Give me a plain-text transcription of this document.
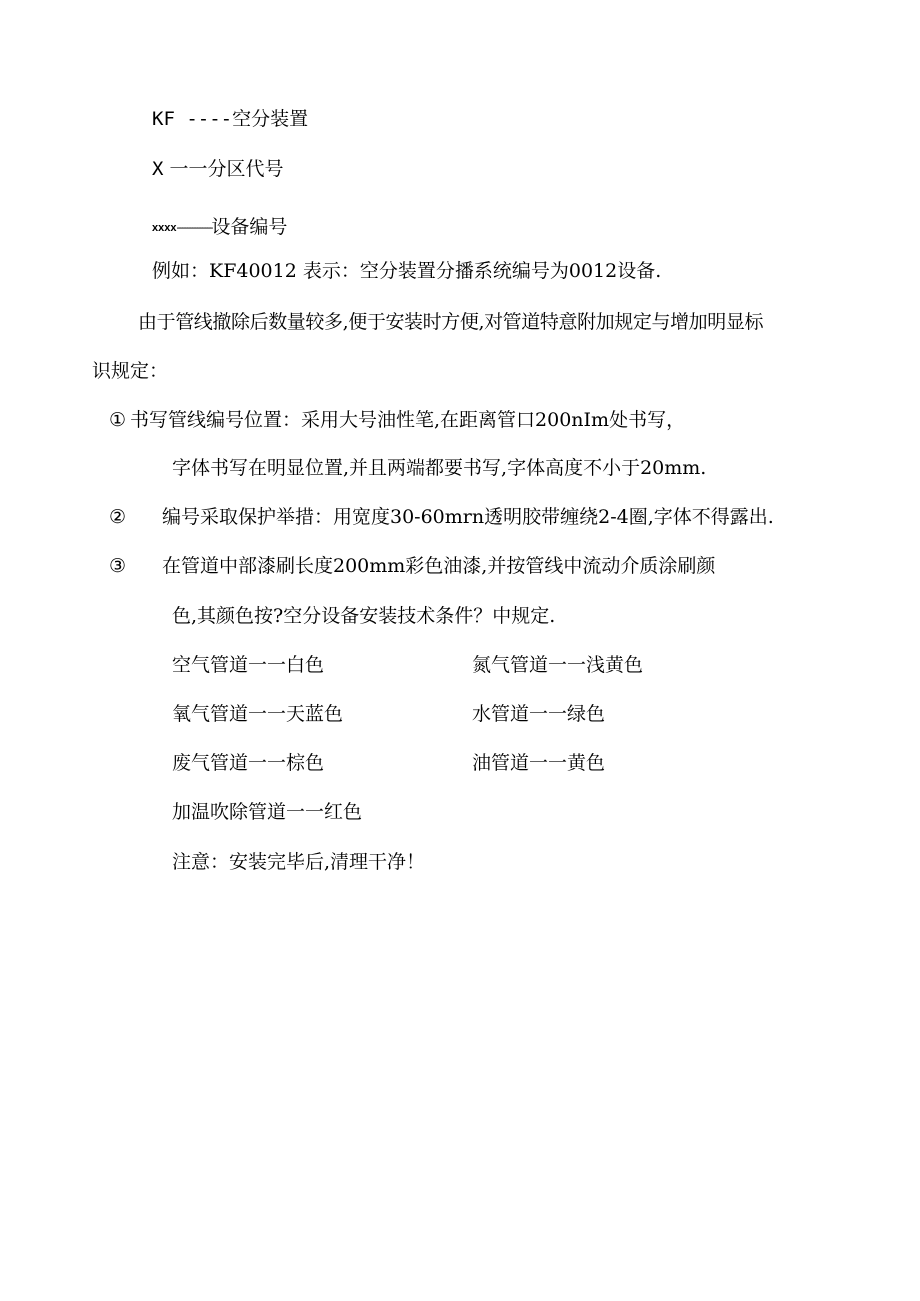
KF ----空分装置
X 一一分区代号
xxxx---------------------设备编号
例如：KF40012 表示：空分装置分播系统编号为0012设备.
由于管线撤除后数量较多,便于安装时方便,对管道特意附加规定与增加明显标
识规定：
① 书写管线编号位置：采用大号油性笔,在距离管口200nIm处书写，
字体书写在明显位置,并且两端都要书写,字体高度不小于20mm.
② 编号采取保护举措：用宽度30-60mrn透明胶带缠绕2-4圈,字体不得露出.
③ 在管道中部漆刷长度200mm彩色油漆,并按管线中流动介质涂刷颜
色,其颜色按?空分设备安装技术条件？中规定.
空气管道一一白色	氮气管道一一浅黄色
氧气管道一一天蓝色	水管道一一绿色
废气管道一一棕色	油管道一一黄色
加温吹除管道一一红色
注意：安装完毕后,清理干净！
